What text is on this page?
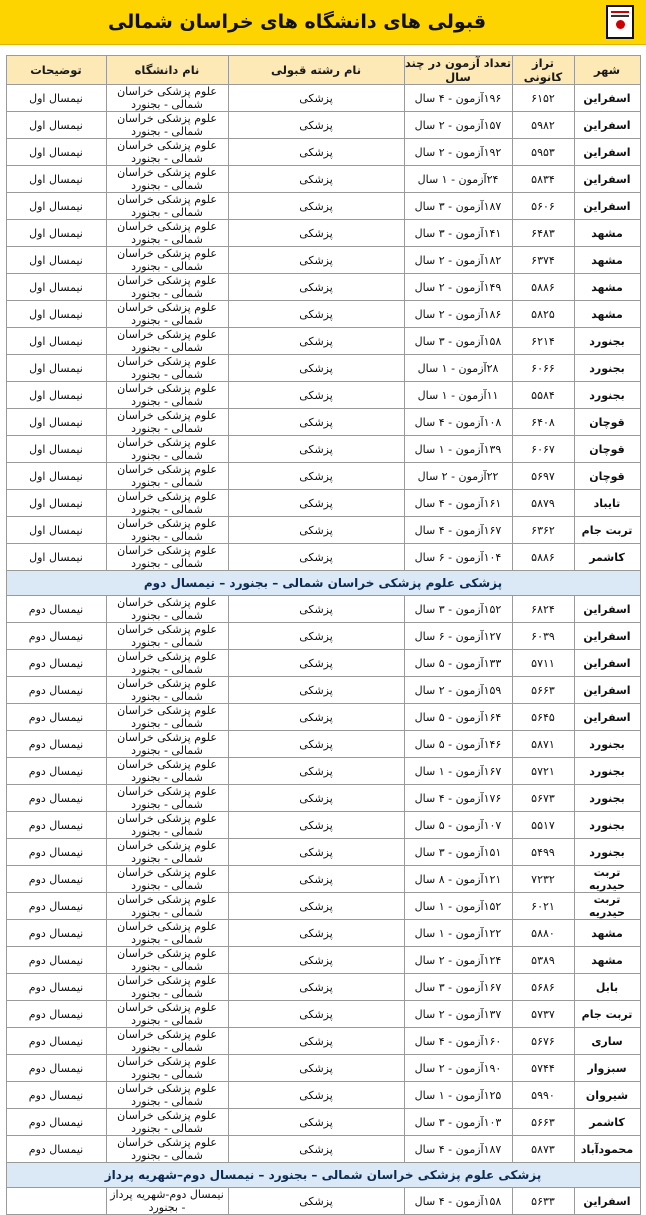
قبولی های دانشگاه های خراسان شمالی
شهر	تراز کانونی	تعداد آزمون در چند سال	نام رشته قبولی	نام دانشگاه	توضیحات
اسفراین	۶۱۵۲	۱۹۶آزمون - ۴ سال	پزشکی	علوم پزشکی خراسان شمالی - بجنورد	نیمسال اول
اسفراین	۵۹۸۲	۱۵۷آزمون - ۲ سال	پزشکی	علوم پزشکی خراسان شمالی - بجنورد	نیمسال اول
اسفراین	۵۹۵۳	۱۹۲آزمون - ۲ سال	پزشکی	علوم پزشکی خراسان شمالی - بجنورد	نیمسال اول
اسفراین	۵۸۳۴	۲۴آزمون - ۱ سال	پزشکی	علوم پزشکی خراسان شمالی - بجنورد	نیمسال اول
اسفراین	۵۶۰۶	۱۸۷آزمون - ۳ سال	پزشکی	علوم پزشکی خراسان شمالی - بجنورد	نیمسال اول
مشهد	۶۴۸۳	۱۴۱آزمون - ۳ سال	پزشکی	علوم پزشکی خراسان شمالی - بجنورد	نیمسال اول
مشهد	۶۳۷۴	۱۸۲آزمون - ۲ سال	پزشکی	علوم پزشکی خراسان شمالی - بجنورد	نیمسال اول
مشهد	۵۸۸۶	۱۴۹آزمون - ۲ سال	پزشکی	علوم پزشکی خراسان شمالی - بجنورد	نیمسال اول
مشهد	۵۸۲۵	۱۸۶آزمون - ۲ سال	پزشکی	علوم پزشکی خراسان شمالی - بجنورد	نیمسال اول
بجنورد	۶۲۱۴	۱۵۸آزمون - ۳ سال	پزشکی	علوم پزشکی خراسان شمالی - بجنورد	نیمسال اول
بجنورد	۶۰۶۶	۲۸آزمون - ۱ سال	پزشکی	علوم پزشکی خراسان شمالی - بجنورد	نیمسال اول
بجنورد	۵۵۸۴	۱۱آزمون - ۱ سال	پزشکی	علوم پزشکی خراسان شمالی - بجنورد	نیمسال اول
قوچان	۶۴۰۸	۱۰۸آزمون - ۴ سال	پزشکی	علوم پزشکی خراسان شمالی - بجنورد	نیمسال اول
قوچان	۶۰۶۷	۱۳۹آزمون - ۱ سال	پزشکی	علوم پزشکی خراسان شمالی - بجنورد	نیمسال اول
قوچان	۵۶۹۷	۲۲آزمون - ۲ سال	پزشکی	علوم پزشکی خراسان شمالی - بجنورد	نیمسال اول
تایباد	۵۸۷۹	۱۶۱آزمون - ۴ سال	پزشکی	علوم پزشکی خراسان شمالی - بجنورد	نیمسال اول
تربت جام	۶۳۶۲	۱۶۷آزمون - ۴ سال	پزشکی	علوم پزشکی خراسان شمالی - بجنورد	نیمسال اول
کاشمر	۵۸۸۶	۱۰۴آزمون - ۶ سال	پزشکی	علوم پزشکی خراسان شمالی - بجنورد	نیمسال اول
پزشکی علوم پزشکی خراسان شمالی – بجنورد – نیمسال دوم					
اسفراین	۶۸۲۴	۱۵۲آزمون - ۳ سال	پزشکی	علوم پزشکی خراسان شمالی - بجنورد	نیمسال دوم
اسفراین	۶۰۳۹	۱۲۷آزمون - ۶ سال	پزشکی	علوم پزشکی خراسان شمالی - بجنورد	نیمسال دوم
اسفراین	۵۷۱۱	۱۳۳آزمون - ۵ سال	پزشکی	علوم پزشکی خراسان شمالی - بجنورد	نیمسال دوم
اسفراین	۵۶۶۳	۱۵۹آزمون - ۲ سال	پزشکی	علوم پزشکی خراسان شمالی - بجنورد	نیمسال دوم
اسفراین	۵۶۴۵	۱۶۴آزمون - ۵ سال	پزشکی	علوم پزشکی خراسان شمالی - بجنورد	نیمسال دوم
بجنورد	۵۸۷۱	۱۴۶آزمون - ۵ سال	پزشکی	علوم پزشکی خراسان شمالی - بجنورد	نیمسال دوم
بجنورد	۵۷۲۱	۱۶۷آزمون - ۱ سال	پزشکی	علوم پزشکی خراسان شمالی - بجنورد	نیمسال دوم
بجنورد	۵۶۷۳	۱۷۶آزمون - ۴ سال	پزشکی	علوم پزشکی خراسان شمالی - بجنورد	نیمسال دوم
بجنورد	۵۵۱۷	۱۰۷آزمون - ۵ سال	پزشکی	علوم پزشکی خراسان شمالی - بجنورد	نیمسال دوم
بجنورد	۵۴۹۹	۱۵۱آزمون - ۳ سال	پزشکی	علوم پزشکی خراسان شمالی - بجنورد	نیمسال دوم
تربت حیدریه	۷۲۳۲	۱۲۱آزمون - ۸ سال	پزشکی	علوم پزشکی خراسان شمالی - بجنورد	نیمسال دوم
تربت حیدریه	۶۰۲۱	۱۵۲آزمون - ۱ سال	پزشکی	علوم پزشکی خراسان شمالی - بجنورد	نیمسال دوم
مشهد	۵۸۸۰	۱۲۲آزمون - ۱ سال	پزشکی	علوم پزشکی خراسان شمالی - بجنورد	نیمسال دوم
مشهد	۵۳۸۹	۱۲۴آزمون - ۲ سال	پزشکی	علوم پزشکی خراسان شمالی - بجنورد	نیمسال دوم
بابل	۵۶۸۶	۱۶۷آزمون - ۳ سال	پزشکی	علوم پزشکی خراسان شمالی - بجنورد	نیمسال دوم
تربت جام	۵۷۳۷	۱۳۷آزمون - ۲ سال	پزشکی	علوم پزشکی خراسان شمالی - بجنورد	نیمسال دوم
ساری	۵۶۷۶	۱۶۰آزمون - ۴ سال	پزشکی	علوم پزشکی خراسان شمالی - بجنورد	نیمسال دوم
سبزوار	۵۷۴۴	۱۹۰آزمون - ۲ سال	پزشکی	علوم پزشکی خراسان شمالی - بجنورد	نیمسال دوم
شیروان	۵۹۹۰	۱۲۵آزمون - ۱ سال	پزشکی	علوم پزشکی خراسان شمالی - بجنورد	نیمسال دوم
کاشمر	۵۶۶۳	۱۰۳آزمون - ۳ سال	پزشکی	علوم پزشکی خراسان شمالی - بجنورد	نیمسال دوم
محمودآباد	۵۸۷۳	۱۸۷آزمون - ۴ سال	پزشکی	علوم پزشکی خراسان شمالی - بجنورد	نیمسال دوم
پزشکی علوم پزشکی خراسان شمالی – بجنورد – نیمسال دوم–شهریه پرداز					
اسفراین	۵۶۳۳	۱۵۸آزمون - ۴ سال	پزشکی	نیمسال دوم-شهریه پرداز - بجنورد	
